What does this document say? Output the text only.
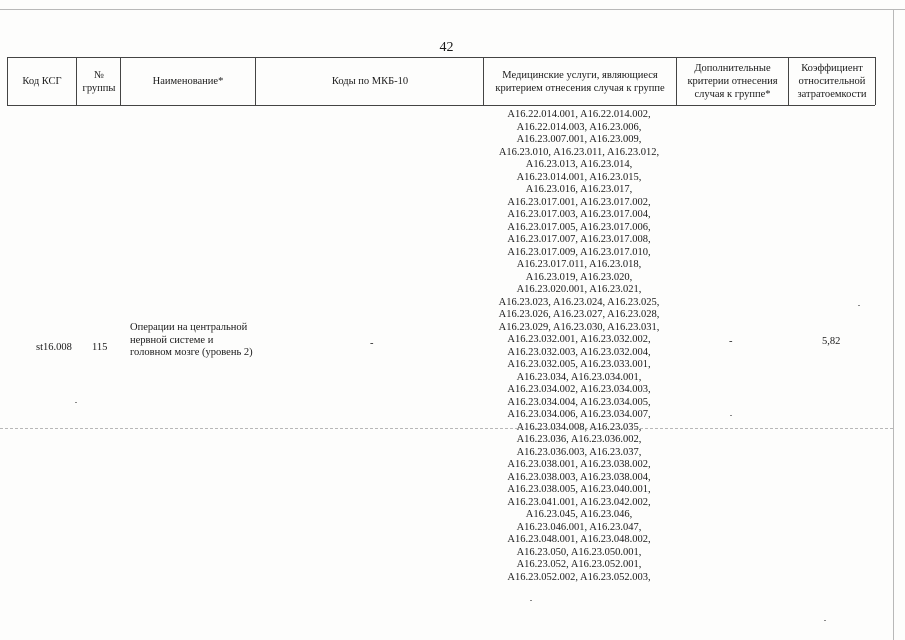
42
Код КСГ
№ группы
Наименование*	Коды по МКБ-10
Медицинские услуги, являющиеся критерием отнесения случая к группе
Дополнительные критерии отнесения случая к группе*
Коэффициент относительной затратоемкости
st16.008 115
Операции на центральной нервной системе и головном мозге (уровень 2)
-
A16.22.014.001, A16.22.014.002,
A16.22.014.003, A16.23.006,
A16.23.007.001, A16.23.009,
A16.23.010, A16.23.011, A16.23.012,
A16.23.013, A16.23.014,
A16.23.014.001, A16.23.015,
A16.23.016, A16.23.017,
A16.23.017.001, A16.23.017.002,
A16.23.017.003, A16.23.017.004,
A16.23.017.005, A16.23.017.006,
A16.23.017.007, A16.23.017.008,
A16.23.017.009, A16.23.017.010,
A16.23.017.011, A16.23.018,
A16.23.019, A16.23.020,
A16.23.020.001, A16.23.021,
A16.23.023, A16.23.024, A16.23.025,
A16.23.026, A16.23.027, A16.23.028,
A16.23.029, A16.23.030, A16.23.031,
A16.23.032.001, A16.23.032.002,
A16.23.032.003, A16.23.032.004,
A16.23.032.005, A16.23.033.001,
A16.23.034, A16.23.034.001,
A16.23.034.002, A16.23.034.003,
A16.23.034.004, A16.23.034.005,
A16.23.034.006, A16.23.034.007,
A16.23.034.008, A16.23.035,
A16.23.036, A16.23.036.002,
A16.23.036.003, A16.23.037,
A16.23.038.001, A16.23.038.002,
A16.23.038.003, A16.23.038.004,
A16.23.038.005, A16.23.040.001,
A16.23.041.001, A16.23.042.002,
A16.23.045, A16.23.046,
A16.23.046.001, A16.23.047,
A16.23.048.001, A16.23.048.002,
A16.23.050, A16.23.050.001,
A16.23.052, A16.23.052.001,
A16.23.052.002, A16.23.052.003,
-	5,82
